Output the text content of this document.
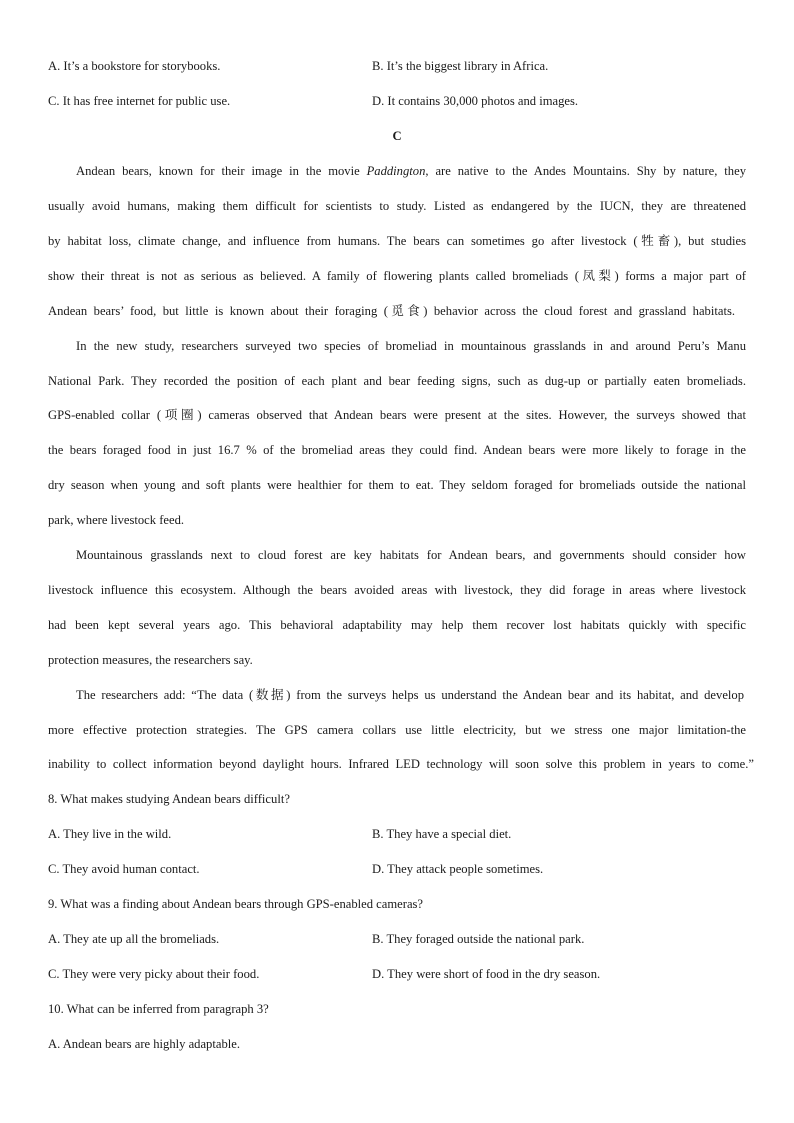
A. It’s a bookstore for storybooks.	B. It’s the biggest library in Africa.
C. It has free internet for public use.	D. It contains 30,000 photos and images.
C
Andean bears, known for their image in the movie Paddington, are native to the Andes Mountains. Shy by nature, they
usually avoid humans, making them difficult for scientists to study. Listed as endangered by the IUCN, they are threatened
by habitat loss, climate change, and influence from humans. The bears can sometimes go after livestock (牲畜), but studies
show their threat is not as serious as believed. A family of flowering plants called bromeliads (凤梨) forms a major part of
Andean bears’ food, but little is known about their foraging (觅食) behavior across the cloud forest and grassland habitats.
In the new study, researchers surveyed two species of bromeliad in mountainous grasslands in and around Peru’s Manu
National Park. They recorded the position of each plant and bear feeding signs, such as dug-up or partially eaten bromeliads.
GPS-enabled collar (项圈) cameras observed that Andean bears were present at the sites. However, the surveys showed that
the bears foraged food in just 16.7 % of the bromeliad areas they could find. Andean bears were more likely to forage in the
dry season when young and soft plants were healthier for them to eat. They seldom foraged for bromeliads outside the national
park, where livestock feed.
Mountainous grasslands next to cloud forest are key habitats for Andean bears, and governments should consider how
livestock influence this ecosystem. Although the bears avoided areas with livestock, they did forage in areas where livestock
had been kept several years ago. This behavioral adaptability may help them recover lost habitats quickly with specific
protection measures, the researchers say.
The researchers add: “The data (数据) from the surveys helps us understand the Andean bear and its habitat, and develop
more effective protection strategies. The GPS camera collars use little electricity, but we stress one major limitation-the
inability to collect information beyond daylight hours. Infrared LED technology will soon solve this problem in years to come.”
8. What makes studying Andean bears difficult?
A. They live in the wild.	B. They have a special diet.
C. They avoid human contact.	D. They attack people sometimes.
9. What was a finding about Andean bears through GPS-enabled cameras?
A. They ate up all the bromeliads.	B. They foraged outside the national park.
C. They were very picky about their food.	D. They were short of food in the dry season.
10. What can be inferred from paragraph 3?
A. Andean bears are highly adaptable.
